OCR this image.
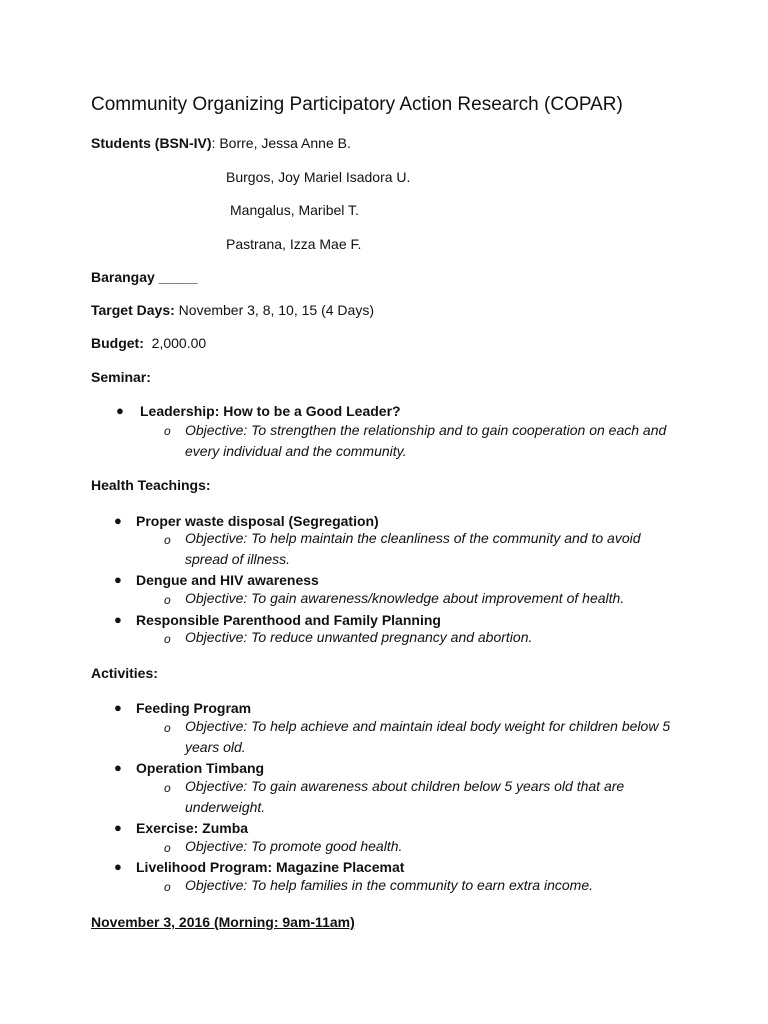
Community Organizing Participatory Action Research (COPAR)
Students (BSN-IV): Borre, Jessa Anne B.
Burgos, Joy Mariel Isadora U.
Mangalus, Maribel T.
Pastrana, Izza Mae F.
Barangay _____
Target Days: November 3, 8, 10, 15 (4 Days)
Budget: 2,000.00
Seminar:
● Leadership: How to be a Good Leader?
o Objective: To strengthen the relationship and to gain cooperation on each and every individual and the community.
Health Teachings:
● Proper waste disposal (Segregation)
o Objective: To help maintain the cleanliness of the community and to avoid spread of illness.
● Dengue and HIV awareness
o Objective: To gain awareness/knowledge about improvement of health.
● Responsible Parenthood and Family Planning
o Objective: To reduce unwanted pregnancy and abortion.
Activities:
● Feeding Program
o Objective: To help achieve and maintain ideal body weight for children below 5 years old.
● Operation Timbang
o Objective: To gain awareness about children below 5 years old that are underweight.
● Exercise: Zumba
o Objective: To promote good health.
● Livelihood Program: Magazine Placemat
o Objective: To help families in the community to earn extra income.
November 3, 2016 (Morning: 9am-11am)
